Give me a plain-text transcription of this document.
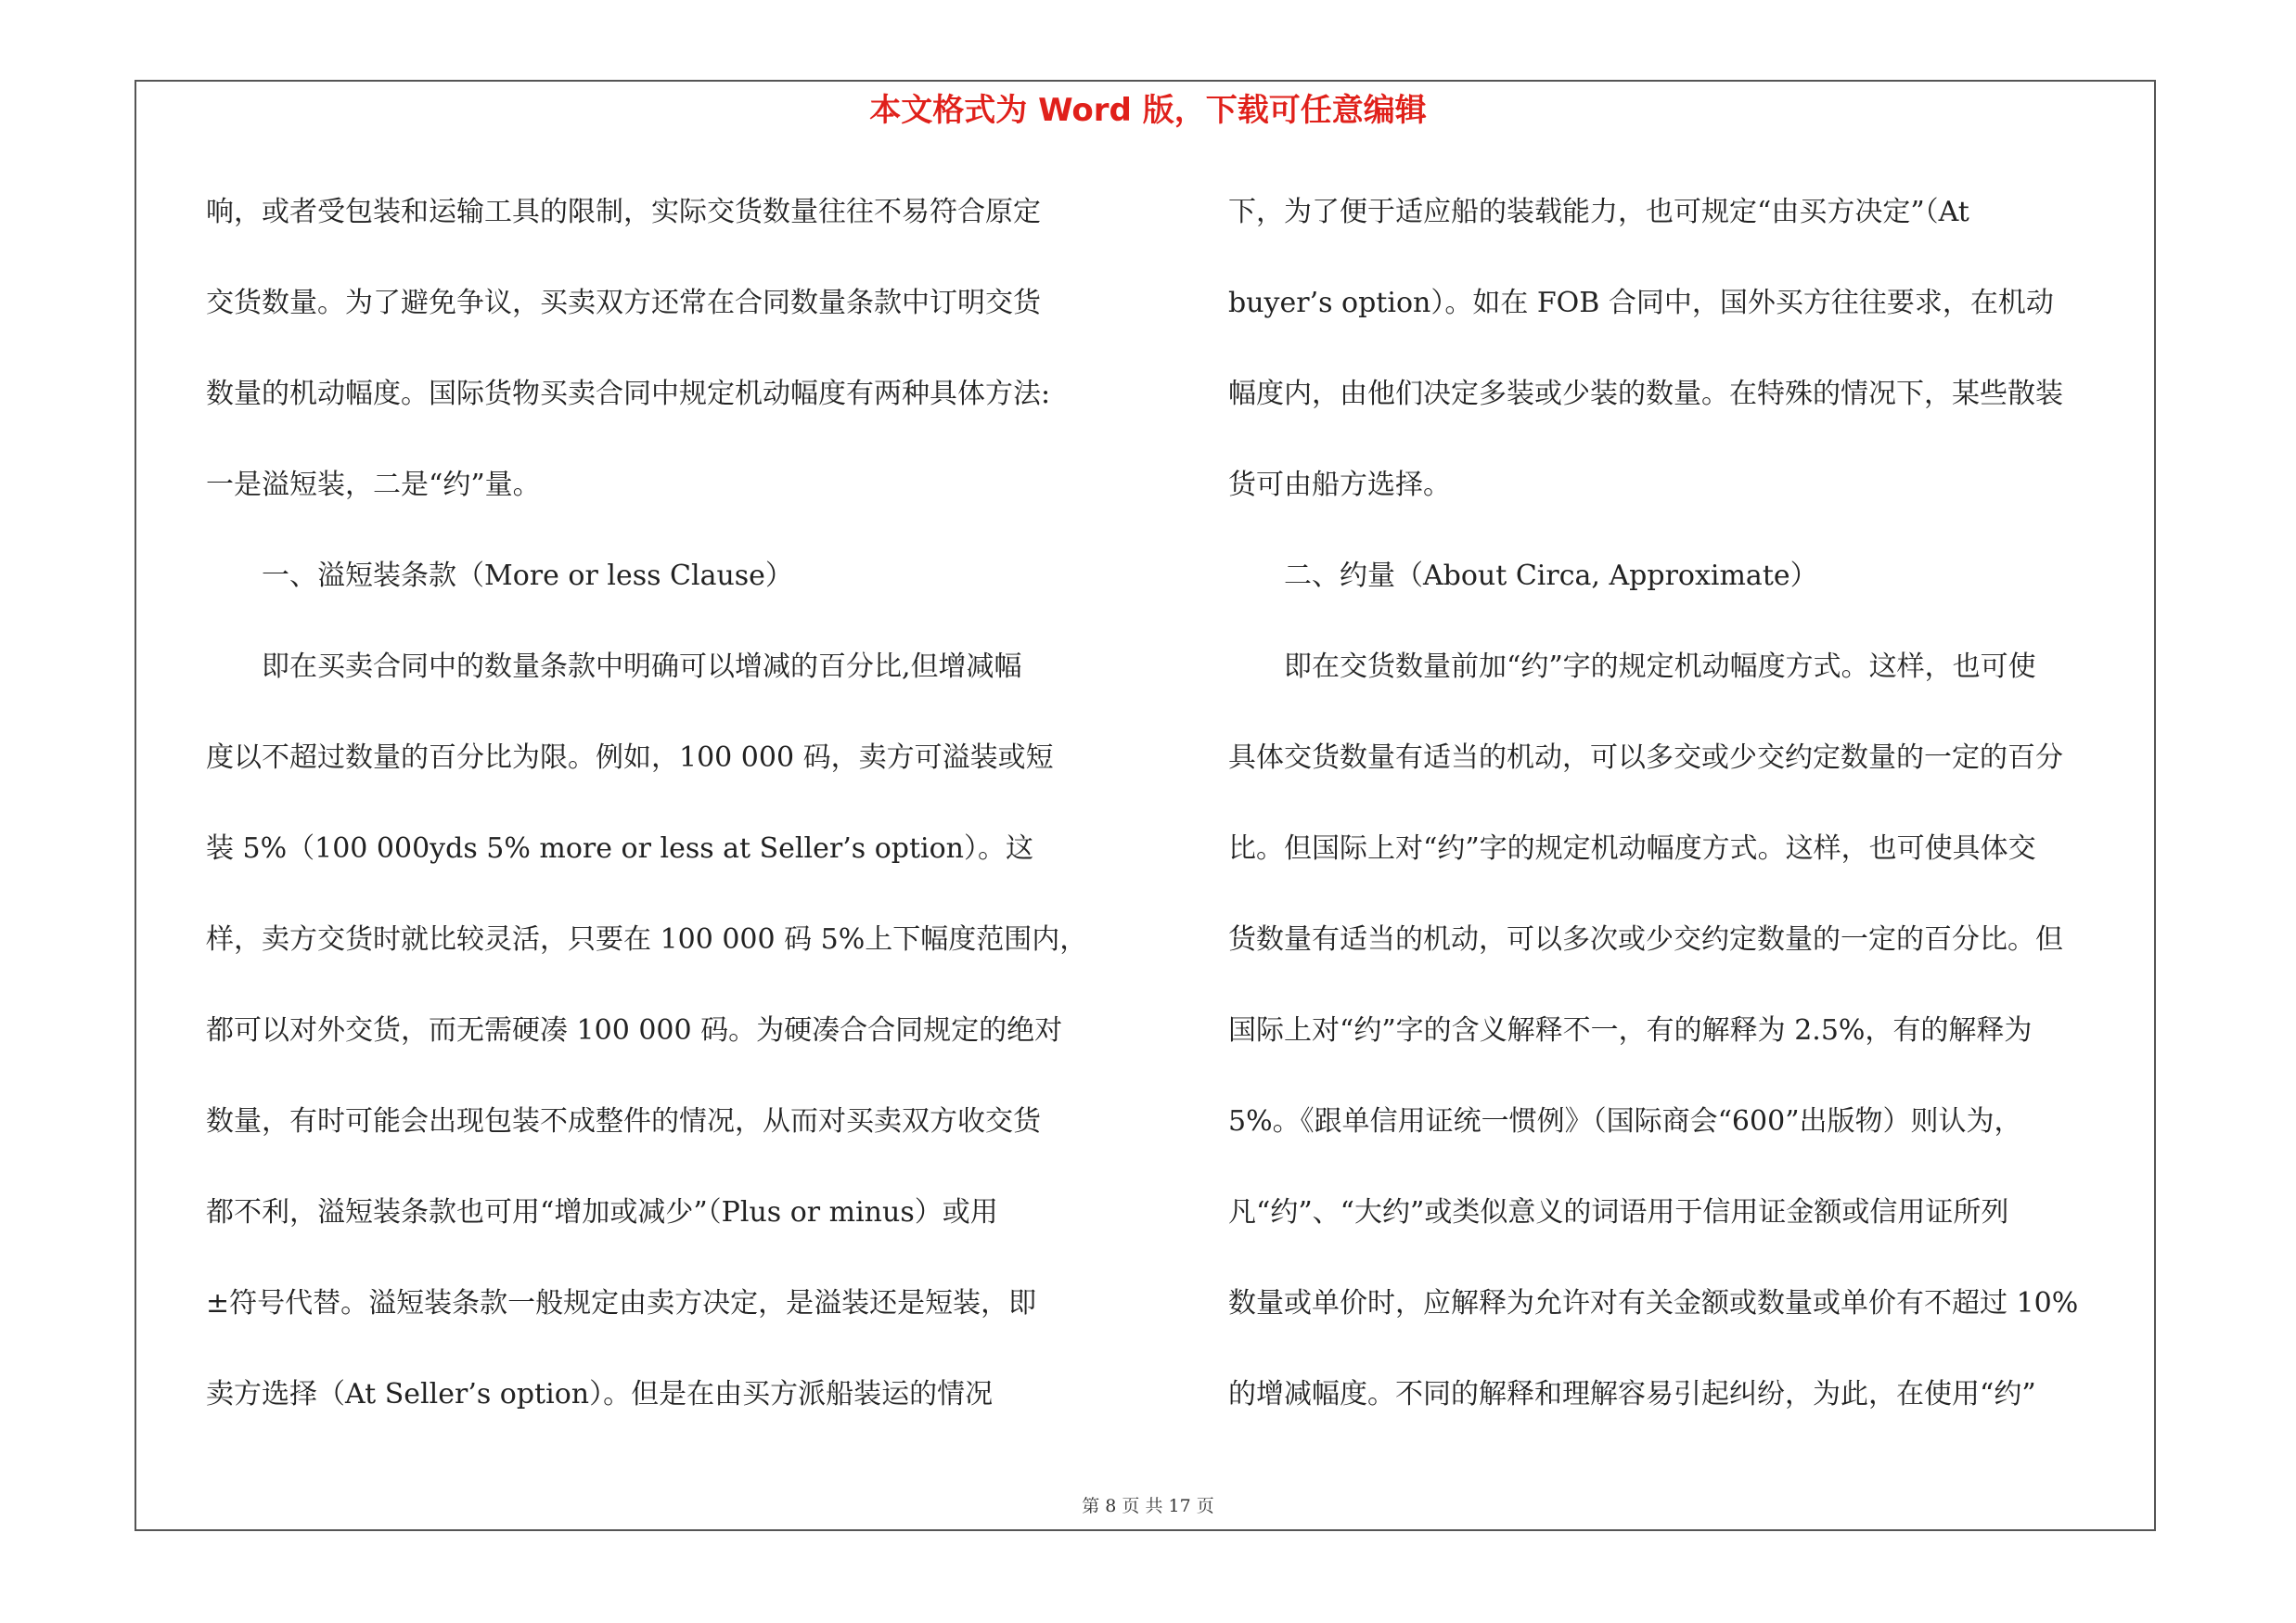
本文格式为 Word 版，下载可任意编辑
响，或者受包装和运输工具的限制，实际交货数量往往不易符合原定
交货数量。为了避免争议，买卖双方还常在合同数量条款中订明交货
数量的机动幅度。国际货物买卖合同中规定机动幅度有两种具体方法:
一是溢短装，二是“约”量。
　　一、溢短装条款（More or less Clause）
　　即在买卖合同中的数量条款中明确可以增减的百分比,但增减幅
度以不超过数量的百分比为限。例如，100 000 码，卖方可溢装或短
装 5%（100 000yds 5% more or less at Seller’s option）。这
样，卖方交货时就比较灵活，只要在 100 000 码 5%上下幅度范围内，
都可以对外交货，而无需硬凑 100 000 码。为硬凑合合同规定的绝对
数量，有时可能会出现包装不成整件的情况，从而对买卖双方收交货
都不利，溢短装条款也可用“增加或减少”（Plus or minus）或用
±符号代替。溢短装条款一般规定由卖方决定，是溢装还是短装，即
卖方选择（At Seller’s option）。但是在由买方派船装运的情况
下，为了便于适应船的装载能力，也可规定“由买方决定”（At
buyer’s option）。如在 FOB 合同中，国外买方往往要求，在机动
幅度内，由他们决定多装或少装的数量。在特殊的情况下，某些散装
货可由船方选择。
　　二、约量（About Circa, Approximate）
　　即在交货数量前加“约”字的规定机动幅度方式。这样，也可使
具体交货数量有适当的机动，可以多交或少交约定数量的一定的百分
比。但国际上对“约”字的规定机动幅度方式。这样，也可使具体交
货数量有适当的机动，可以多次或少交约定数量的一定的百分比。但
国际上对“约”字的含义解释不一，有的解释为 2.5%，有的解释为
5%。《跟单信用证统一惯例》（国际商会“600”出版物）则认为，
凡“约”、“大约”或类似意义的词语用于信用证金额或信用证所列
数量或单价时，应解释为允许对有关金额或数量或单价有不超过 10%
的增减幅度。不同的解释和理解容易引起纠纷，为此，在使用“约”
第 8 页 共 17 页
